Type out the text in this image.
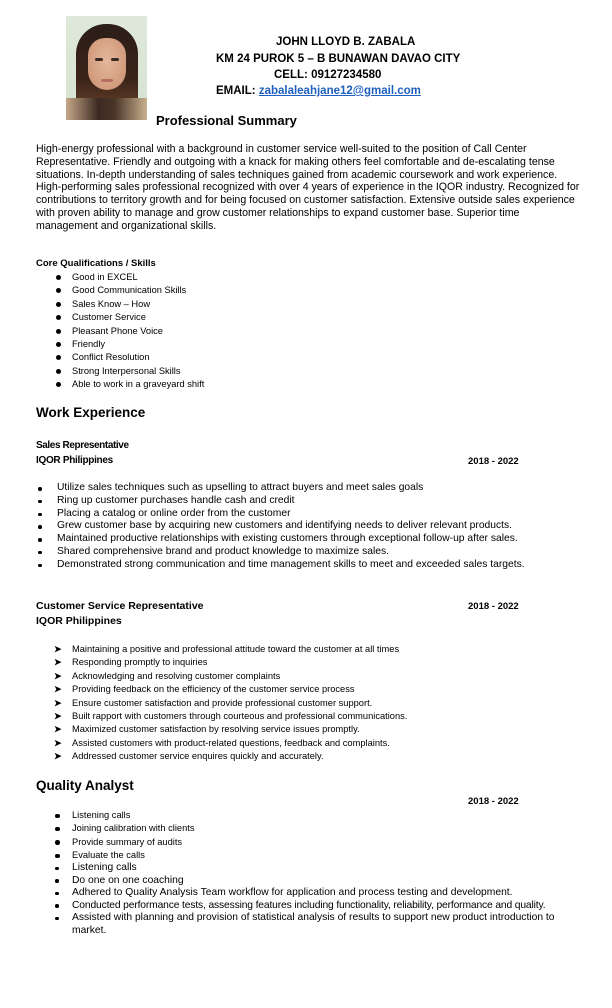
JOHN LLOYD B. ZABALA
KM 24 PUROK 5 – B BUNAWAN DAVAO CITY
CELL: 09127234580
EMAIL: zabalaleahjane12@gmail.com
Professional Summary

High-energy professional with a background in customer service well-suited to the position of Call Center Representative. Friendly and outgoing with a knack for making others feel comfortable and de-escalating tense situations. In-depth understanding of sales techniques gained from academic coursework and work experience.

High-performing sales professional recognized with over 4 years of experience in the IQOR industry. Recognized for contributions to territory growth and for being focused on customer satisfaction. Extensive outside sales experience with proven ability to manage and grow customer relationships to expand customer base. Superior time management and organizational skills.

Core Qualifications / Skills
Good in EXCEL
Good Communication Skills
Sales Know – How
Customer Service
Pleasant Phone Voice
Friendly
Conflict Resolution
Strong Interpersonal Skills
Able to work in a graveyard shift
Work Experience
Sales Representative
IQOR Philippines	2018 - 2022
Utilize sales techniques such as upselling to attract buyers and meet sales goals
Ring up customer purchases handle cash and credit
Placing a catalog or online order from the customer
Grew customer base by acquiring new customers and identifying needs to deliver relevant products.
Maintained productive relationships with existing customers through exceptional follow-up after sales.
Shared comprehensive brand and product knowledge to maximize sales.
Demonstrated strong communication and time management skills to meet and exceeded sales targets.
Customer Service Representative
IQOR Philippines
2018 - 2022
➤ Maintaining a positive and professional attitude toward the customer at all times
➤ Responding promptly to inquiries
➤ Acknowledging and resolving customer complaints
➤ Providing feedback on the efficiency of the customer service process
➤ Ensure customer satisfaction and provide professional customer support.
➤ Built rapport with customers through courteous and professional communications.
➤ Maximized customer satisfaction by resolving service issues promptly.
➤ Assisted customers with product-related questions, feedback and complaints.
➤ Addressed customer service enquires quickly and accurately.
Quality Analyst
2018 - 2022
Listening calls
Joining calibration with clients
Provide summary of audits
Evaluate the calls
Listening calls
Do one on one coaching
Adhered to Quality Analysis Team workflow for application and process testing and development.
Conducted performance tests, assessing features including functionality, reliability, performance and quality.
Assisted with planning and provision of statistical analysis of results to support new product introduction to market.
